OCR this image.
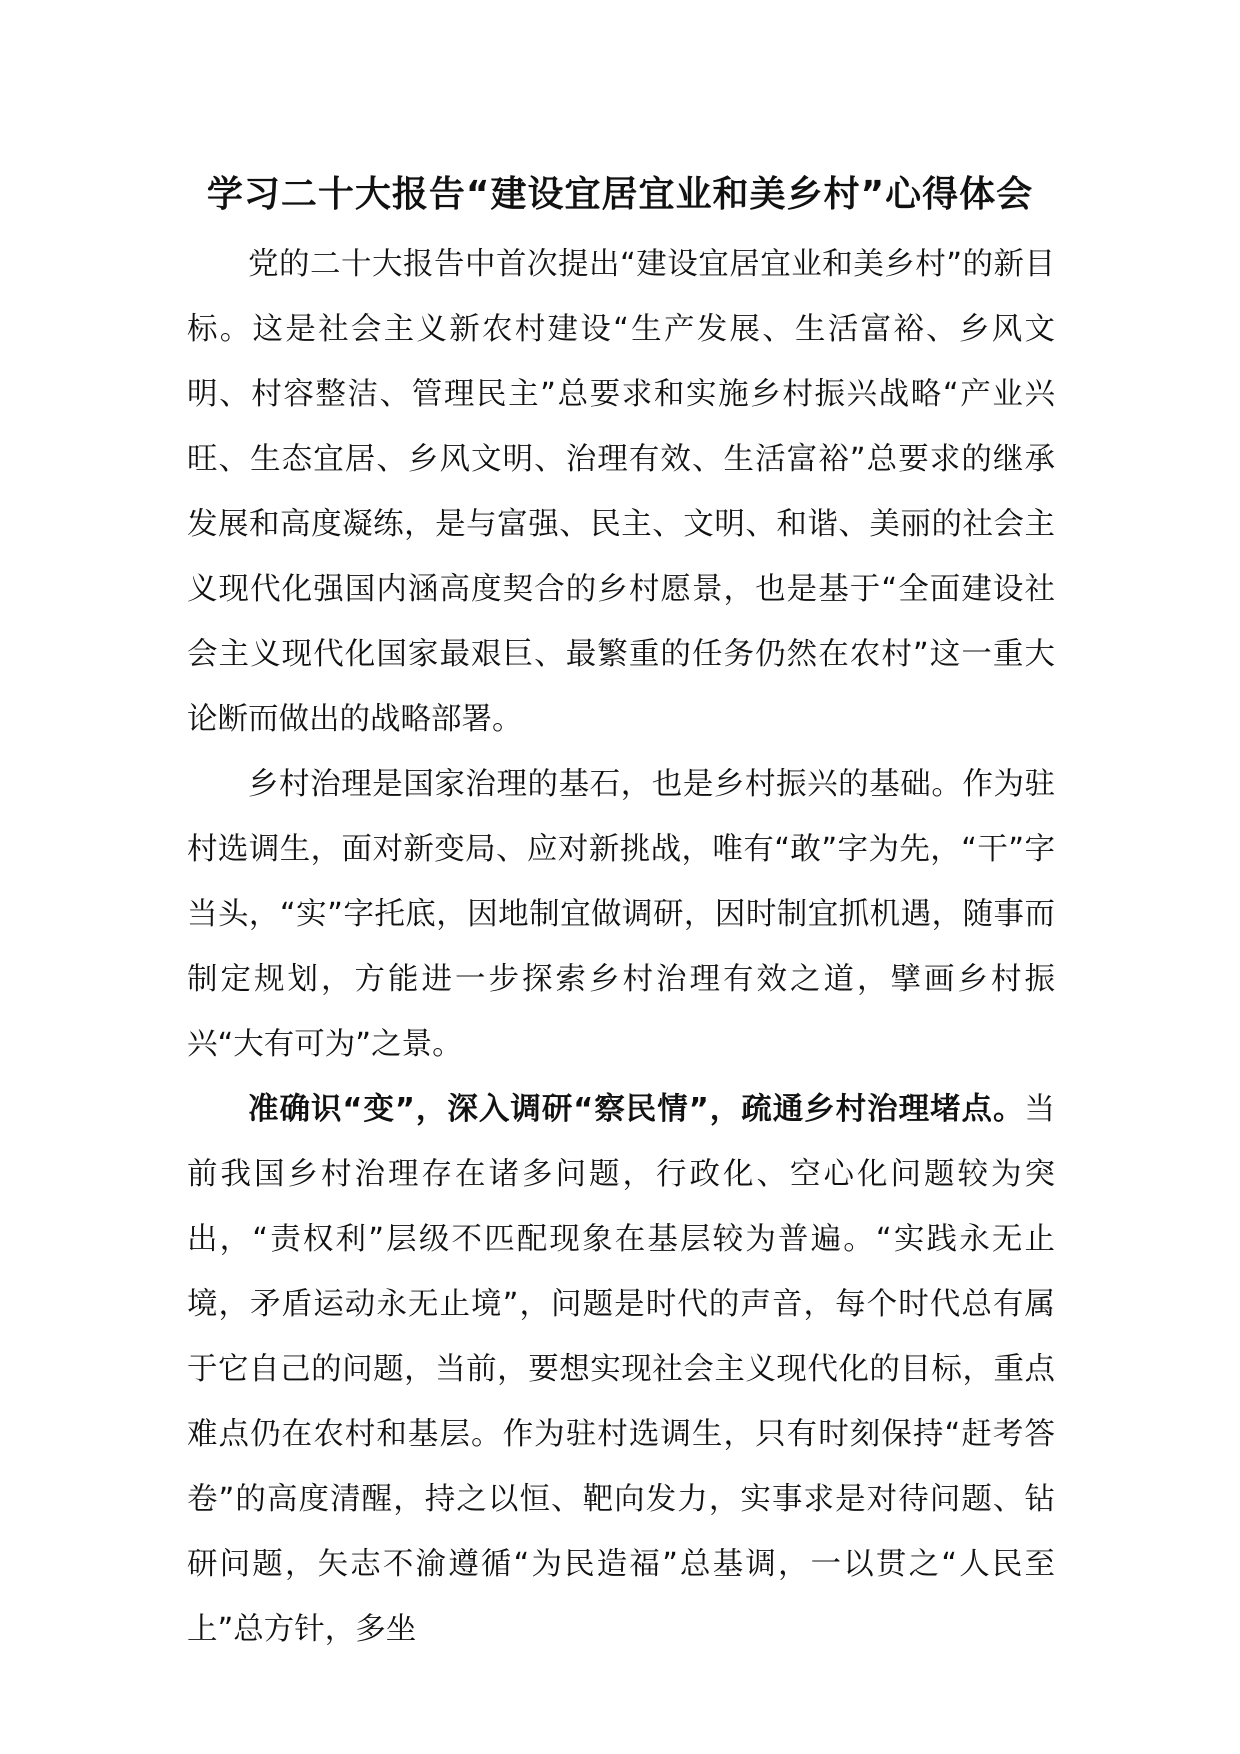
学习二十大报告“建设宜居宜业和美乡村”心得体会

党的二十大报告中首次提出“建设宜居宜业和美乡村”的新目标。这是社会主义新农村建设“生产发展、生活富裕、乡风文明、村容整洁、管理民主”总要求和实施乡村振兴战略“产业兴旺、生态宜居、乡风文明、治理有效、生活富裕”总要求的继承发展和高度凝练，是与富强、民主、文明、和谐、美丽的社会主义现代化强国内涵高度契合的乡村愿景，也是基于“全面建设社会主义现代化国家最艰巨、最繁重的任务仍然在农村”这一重大论断而做出的战略部署。

乡村治理是国家治理的基石，也是乡村振兴的基础。作为驻村选调生，面对新变局、应对新挑战，唯有“敢”字为先，“干”字当头，“实”字托底，因地制宜做调研，因时制宜抓机遇，随事而制定规划，方能进一步探索乡村治理有效之道，擘画乡村振兴“大有可为”之景。

准确识“变”，深入调研“察民情”，疏通乡村治理堵点。当前我国乡村治理存在诸多问题，行政化、空心化问题较为突出，“责权利”层级不匹配现象在基层较为普遍。“实践永无止境，矛盾运动永无止境”，问题是时代的声音，每个时代总有属于它自己的问题，当前，要想实现社会主义现代化的目标，重点难点仍在农村和基层。作为驻村选调生，只有时刻保持“赶考答卷”的高度清醒，持之以恒、靶向发力，实事求是对待问题、钻研问题，矢志不渝遵循“为民造福”总基调，一以贯之“人民至上”总方针，多坐
